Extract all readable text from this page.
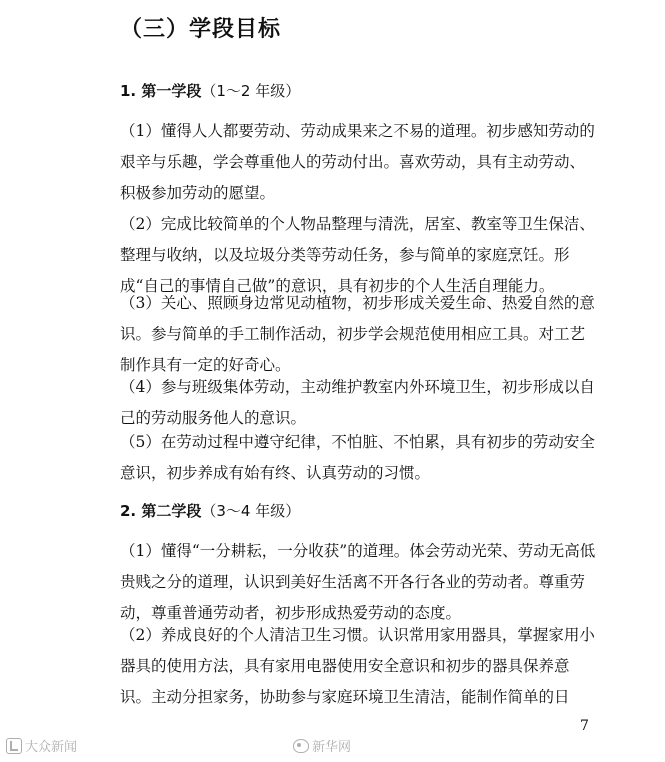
（三）学段目标
1. 第一学段（1～2 年级）

（1）懂得人人都要劳动、劳动成果来之不易的道理。初步感知劳动的艰辛与乐趣，学会尊重他人的劳动付出。喜欢劳动，具有主动劳动、积极参加劳动的愿望。

（2）完成比较简单的个人物品整理与清洗，居室、教室等卫生保洁、整理与收纳，以及垃圾分类等劳动任务，参与简单的家庭烹饪。形成“自己的事情自己做”的意识，具有初步的个人生活自理能力。

（3）关心、照顾身边常见动植物，初步形成关爱生命、热爱自然的意识。参与简单的手工制作活动，初步学会规范使用相应工具。对工艺制作具有一定的好奇心。

（4）参与班级集体劳动，主动维护教室内外环境卫生，初步形成以自己的劳动服务他人的意识。

（5）在劳动过程中遵守纪律，不怕脏、不怕累，具有初步的劳动安全意识，初步养成有始有终、认真劳动的习惯。

2. 第二学段（3～4 年级）

（1）懂得“一分耕耘，一分收获”的道理。体会劳动光荣、劳动无高低贵贱之分的道理，认识到美好生活离不开各行各业的劳动者。尊重劳动，尊重普通劳动者，初步形成热爱劳动的态度。

（2）养成良好的个人清洁卫生习惯。认识常用家用器具，掌握家用小器具的使用方法，具有家用电器使用安全意识和初步的器具保养意识。主动分担家务，协助参与家庭环境卫生清洁，能制作简单的日

7
大众新闻	新华网
